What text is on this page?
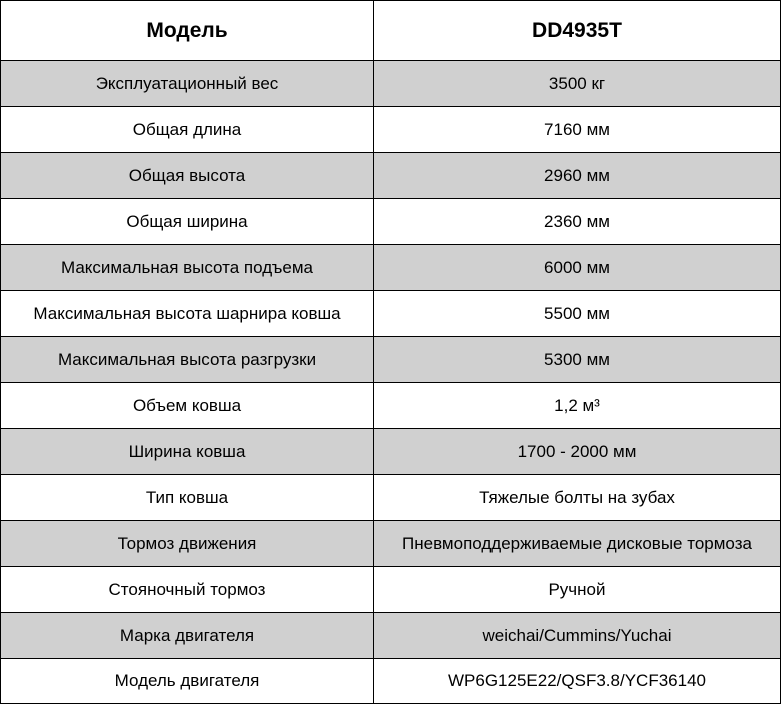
Модель	DD4935T
Эксплуатационный вес	3500 кг
Общая длина	7160 мм
Общая высота	2960 мм
Общая ширина	2360 мм
Максимальная высота подъема	6000 мм
Максимальная высота шарнира ковша	5500 мм
Максимальная высота разгрузки	5300 мм
Объем ковша	1,2 м³
Ширина ковша	1700 - 2000 мм
Тип ковша	Тяжелые болты на зубах
Тормоз движения	Пневмоподдерживаемые дисковые тормоза
Стояночный тормоз	Ручной
Марка двигателя	weichai/Cummins/Yuchai
Модель двигателя	WP6G125E22/QSF3.8/YCF36140
